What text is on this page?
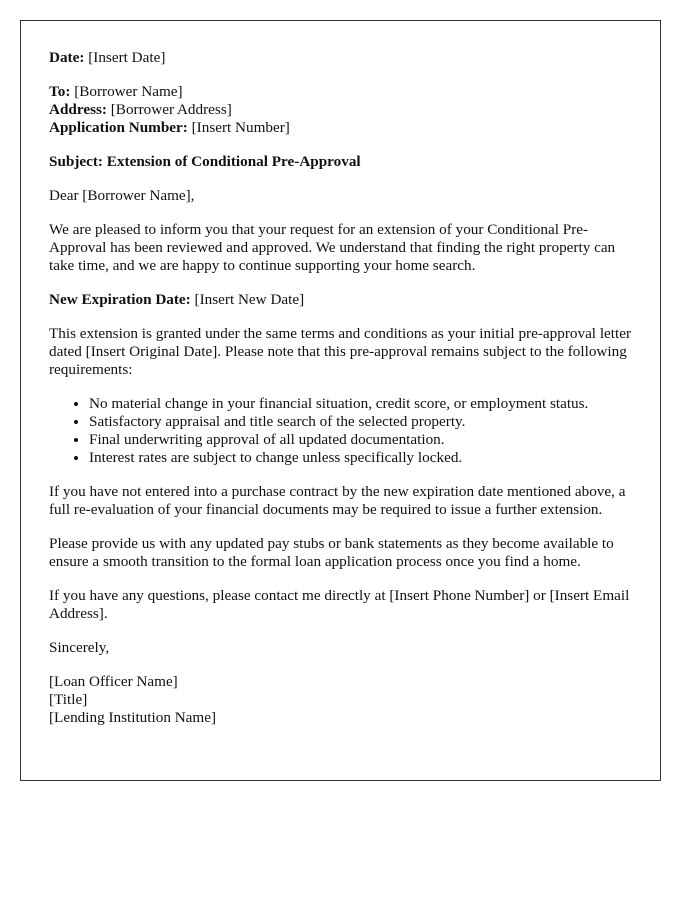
Date: [Insert Date]
To: [Borrower Name]
Address: [Borrower Address]
Application Number: [Insert Number]

Subject: Extension of Conditional Pre-Approval

Dear [Borrower Name],

We are pleased to inform you that your request for an extension of your Conditional Pre-Approval has been reviewed and approved. We understand that finding the right property can take time, and we are happy to continue supporting your home search.

New Expiration Date: [Insert New Date]

This extension is granted under the same terms and conditions as your initial pre-approval letter dated [Insert Original Date]. Please note that this pre-approval remains subject to the following requirements:

• No material change in your financial situation, credit score, or employment status.
• Satisfactory appraisal and title search of the selected property.
• Final underwriting approval of all updated documentation.
• Interest rates are subject to change unless specifically locked.

If you have not entered into a purchase contract by the new expiration date mentioned above, a full re-evaluation of your financial documents may be required to issue a further extension.

Please provide us with any updated pay stubs or bank statements as they become available to ensure a smooth transition to the formal loan application process once you find a home.

If you have any questions, please contact me directly at [Insert Phone Number] or [Insert Email Address].

Sincerely,

[Loan Officer Name]
[Title]
[Lending Institution Name]
